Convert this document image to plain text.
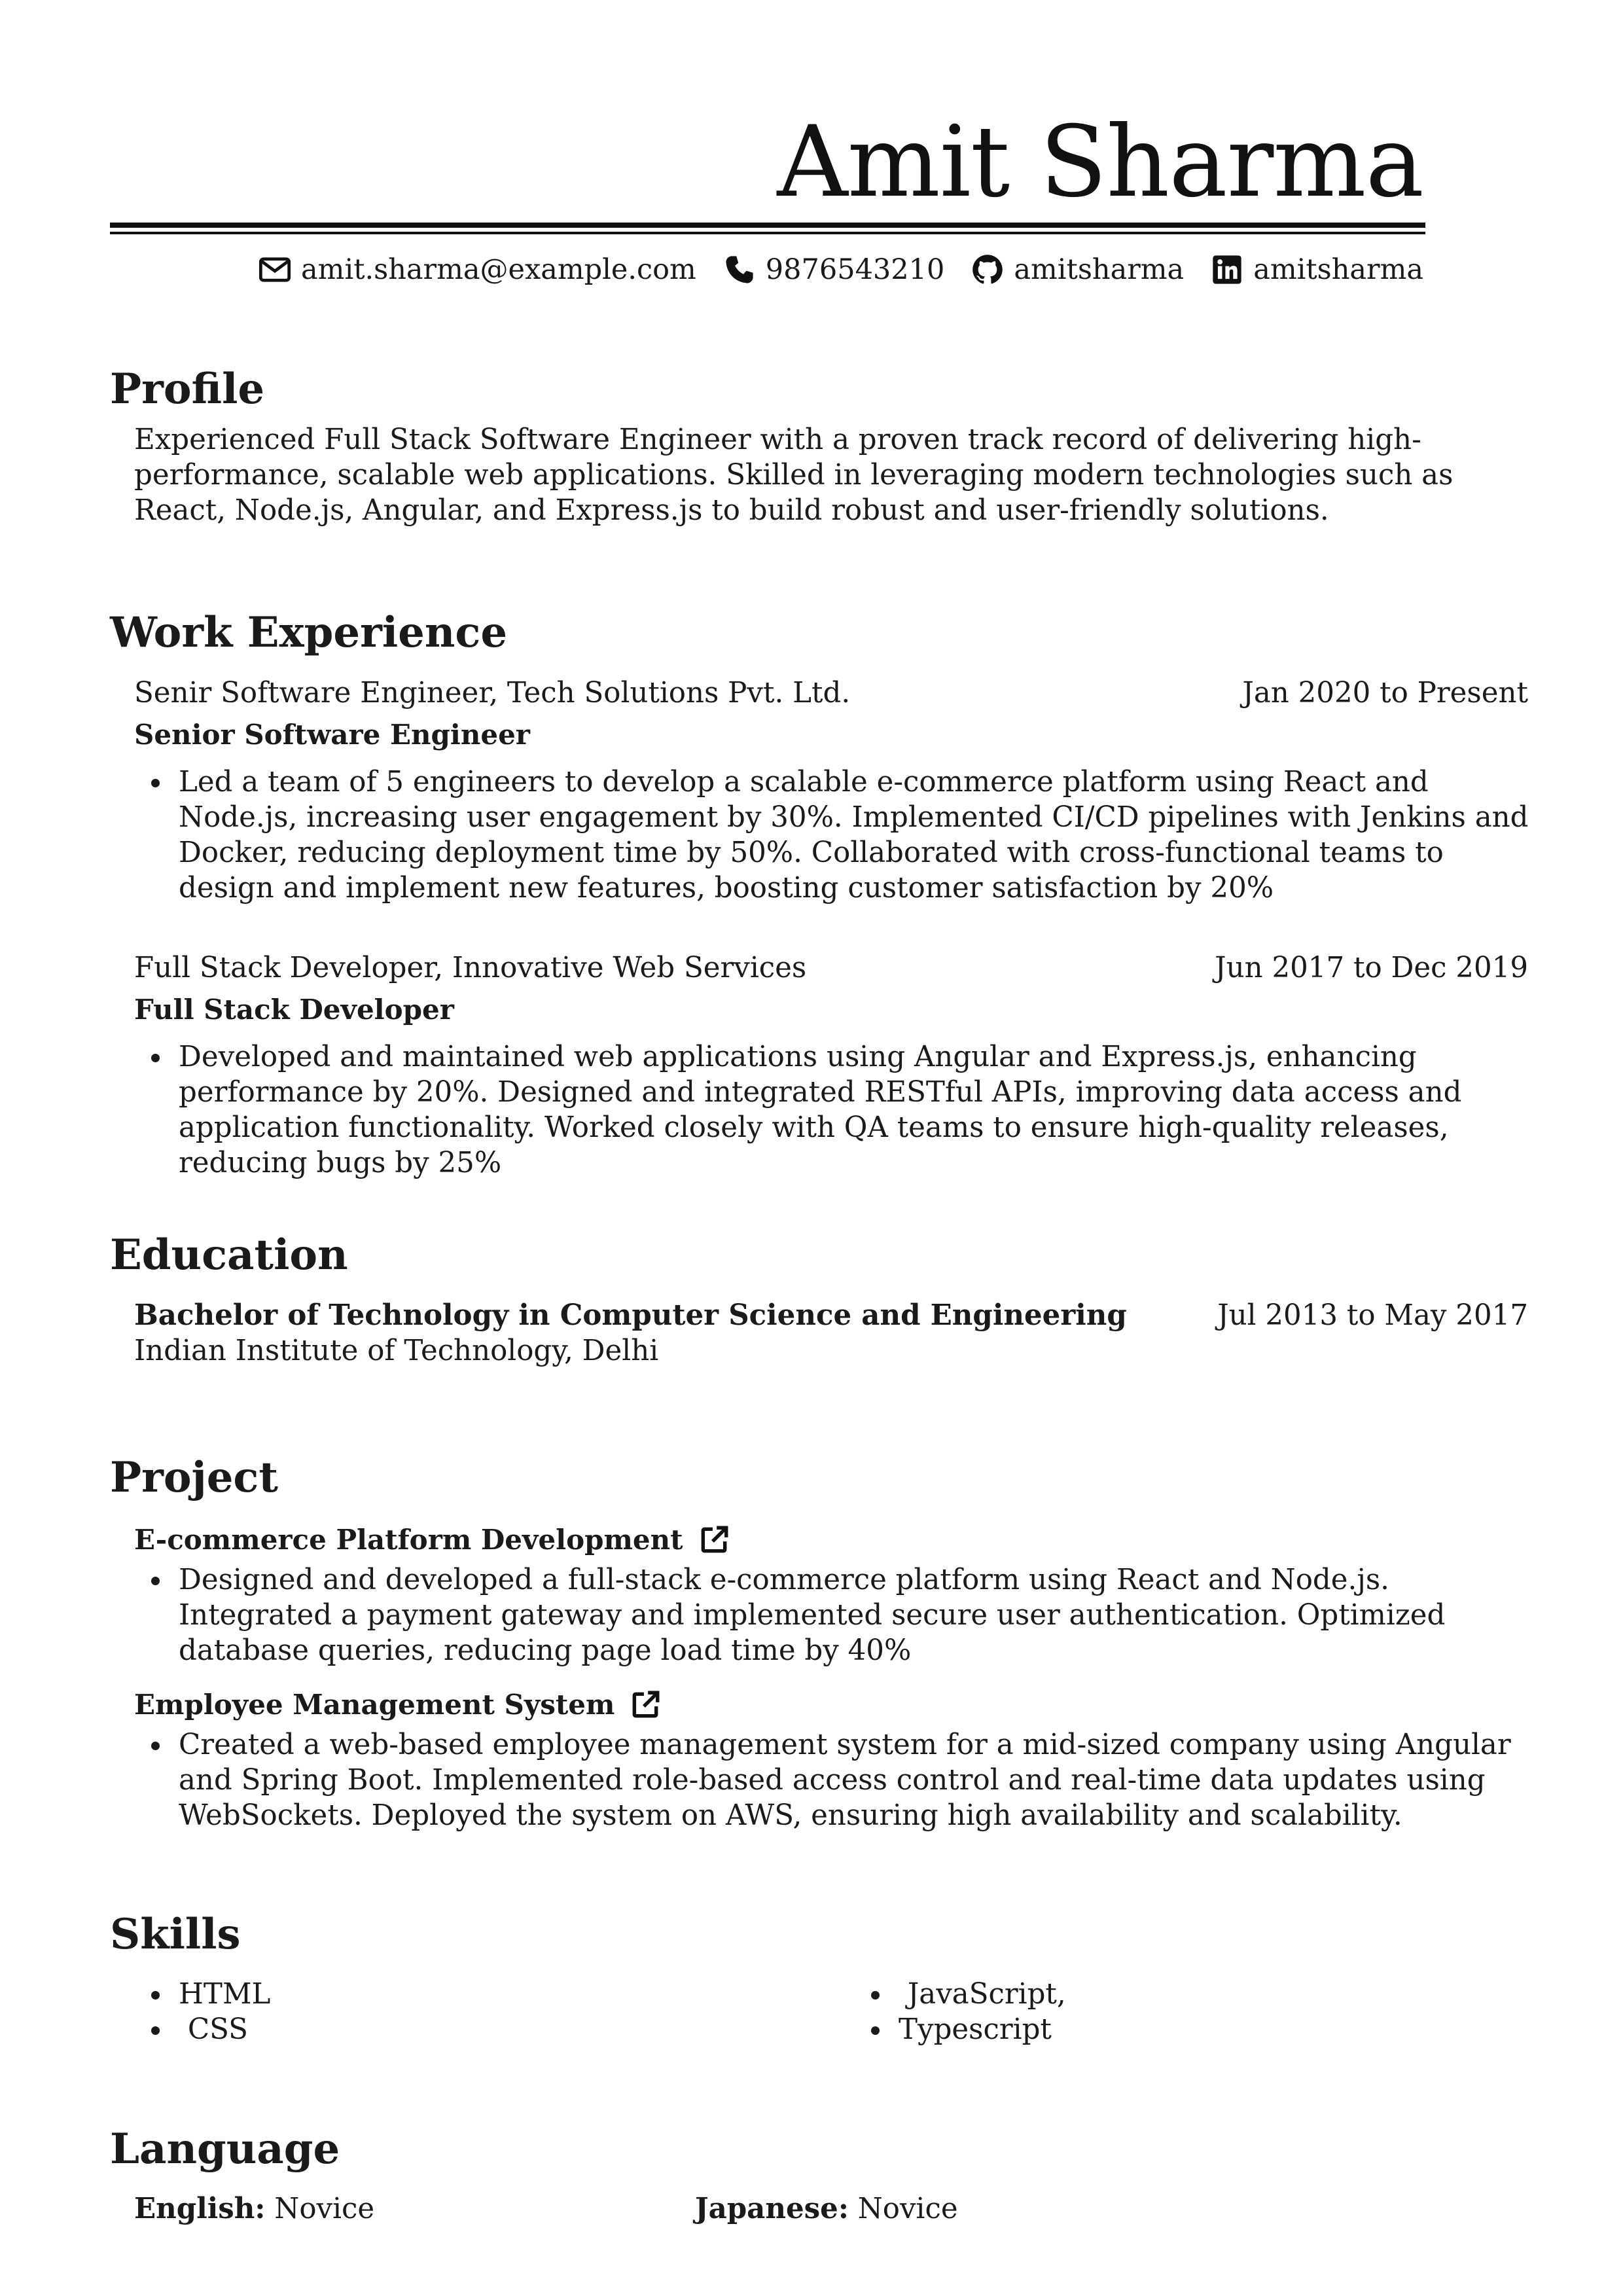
Amit Sharma
amit.sharma@example.com 9876543210 amitsharma amitsharma
Profile
Experienced Full Stack Software Engineer with a proven track record of delivering high-performance, scalable web applications. Skilled in leveraging modern technologies such as React, Node.js, Angular, and Express.js to build robust and user-friendly solutions.
Work Experience
Senir Software Engineer, Tech Solutions Pvt. Ltd.	Jan 2020 to Present
Senior Software Engineer
Led a team of 5 engineers to develop a scalable e-commerce platform using React and Node.js, increasing user engagement by 30%. Implemented CI/CD pipelines with Jenkins and Docker, reducing deployment time by 50%. Collaborated with cross-functional teams to design and implement new features, boosting customer satisfaction by 20%
Full Stack Developer, Innovative Web Services	Jun 2017 to Dec 2019
Full Stack Developer
Developed and maintained web applications using Angular and Express.js, enhancing performance by 20%. Designed and integrated RESTful APIs, improving data access and application functionality. Worked closely with QA teams to ensure high-quality releases, reducing bugs by 25%
Education
Bachelor of Technology in Computer Science and Engineering	Jul 2013 to May 2017
Indian Institute of Technology, Delhi
Project
E-commerce Platform Development
Designed and developed a full-stack e-commerce platform using React and Node.js. Integrated a payment gateway and implemented secure user authentication. Optimized database queries, reducing page load time by 40%
Employee Management System
Created a web-based employee management system for a mid-sized company using Angular and Spring Boot. Implemented role-based access control and real-time data updates using WebSockets. Deployed the system on AWS, ensuring high availability and scalability.
Skills
HTML
CSS
JavaScript,
Typescript
Language
English: Novice	Japanese: Novice
